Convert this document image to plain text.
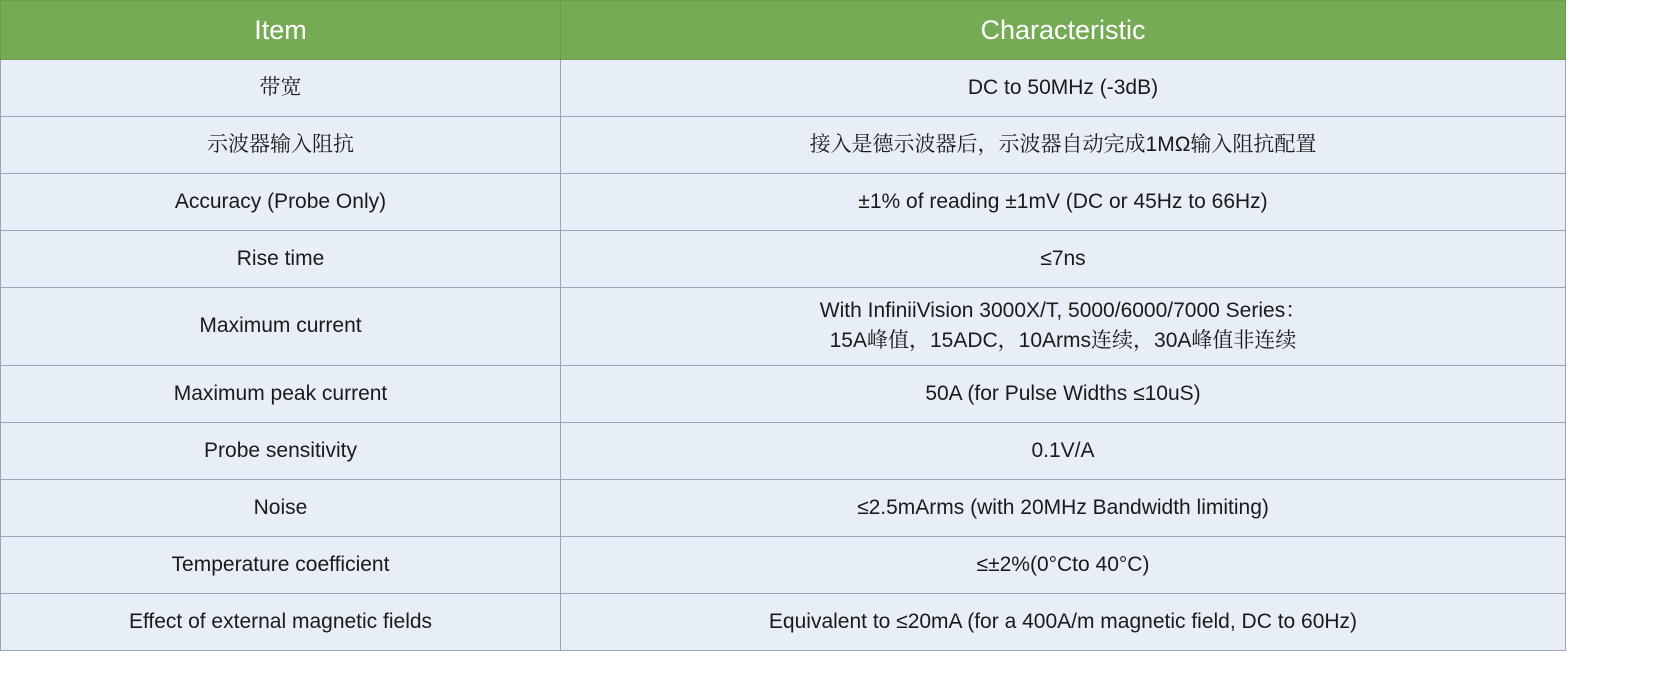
Item	Characteristic
带宽	DC to 50MHz (-3dB)
示波器输入阻抗	接入是德示波器后，示波器自动完成1MΩ输入阻抗配置
Accuracy (Probe Only)	±1% of reading ±1mV (DC or 45Hz to 66Hz)
Rise time	≤7ns
Maximum current	With InfiniiVision 3000X/T, 5000/6000/7000 Series：
15A峰值，15ADC，10Arms连续，30A峰值非连续
Maximum peak current	50A (for Pulse Widths ≤10uS)
Probe sensitivity	0.1V/A
Noise	≤2.5mArms (with 20MHz Bandwidth limiting)
Temperature coefficient	≤±2%(0°Cto 40°C)
Effect of external magnetic fields	Equivalent to ≤20mA (for a 400A/m magnetic field, DC to 60Hz)
